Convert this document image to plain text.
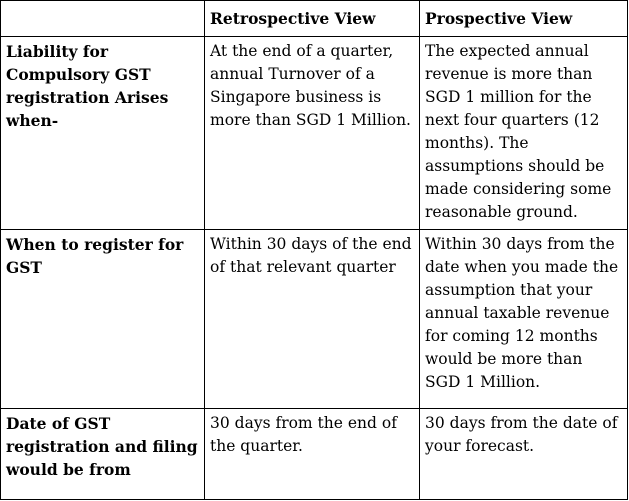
	Retrospective View	Prospective View
Liability for Compulsory GST registration Arises when-	At the end of a quarter, annual Turnover of a Singapore business is more than SGD 1 Million.	The expected annual revenue is more than SGD 1 million for the next four quarters (12 months). The assumptions should be made considering some reasonable ground.
When to register for GST	Within 30 days of the end of that relevant quarter	Within 30 days from the date when you made the assumption that your annual taxable revenue for coming 12 months would be more than SGD 1 Million.
Date of GST registration and filing would be from	30 days from the end of the quarter.	30 days from the date of your forecast.
